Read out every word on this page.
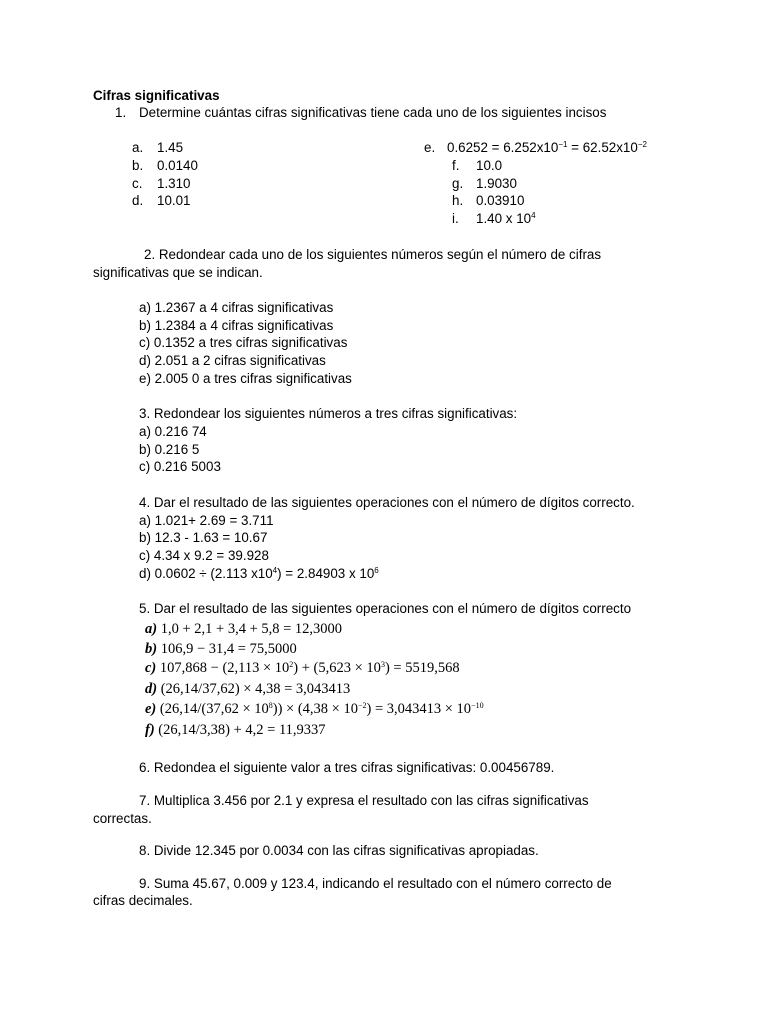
Cifras significativas
1. Determine cuántas cifras significativas tiene cada uno de los siguientes incisos
a. 1.45
b. 0.0140
c. 1.310
d. 10.01
e. $0.6252 = 6.252x10^{-1} = 62.52x10^{-2}$
f. 10.0
g. 1.9030
h. 0.03910
i. 1.40 x $10^4$
2. Redondear cada uno de los siguientes números según el número de cifras
significativas que se indican.
a) 1.2367 a 4 cifras significativas
b) 1.2384 a 4 cifras significativas
c) 0.1352 a tres cifras significativas
d) 2.051 a 2 cifras significativas
e) 2.005 0 a tres cifras significativas
3. Redondear los siguientes números a tres cifras significativas:
a) 0.216 74
b) 0.216 5
c) 0.216 5003
4. Dar el resultado de las siguientes operaciones con el número de dígitos correcto.
a) 1.021+ 2.69 = 3.711
b) 12.3 - 1.63 = 10.67
c) 4.34 x 9.2 = 39.928
d) 0.0602 ÷ (2.113 $x10^4) = 2.84903$ x $10^6$
5. Dar el resultado de las siguientes operaciones con el número de dígitos correcto
a) 1,0 + 2,1 + 3,4 + 5,8 = 12,3000
b) 106,9 − 31,4 = 75,5000
c) $107,868 - (2,113 \times 10^2) + (5,623 \times 10^3) = 5519,568$
d) (26,14/37,62) × 4,38 = 3,043413
e) $(26,14/(37,62 \times 10^8)) \times (4,38 \times 10^{-2}) = 3,043413 \times 10^{-10}$
f) (26,14/3,38) + 4,2 = 11,9337
6. Redondea el siguiente valor a tres cifras significativas: 0.00456789.
7. Multiplica 3.456 por 2.1 y expresa el resultado con las cifras significativas
correctas.
8. Divide 12.345 por 0.0034 con las cifras significativas apropiadas.
9. Suma 45.67, 0.009 y 123.4, indicando el resultado con el número correcto de
cifras decimales.
